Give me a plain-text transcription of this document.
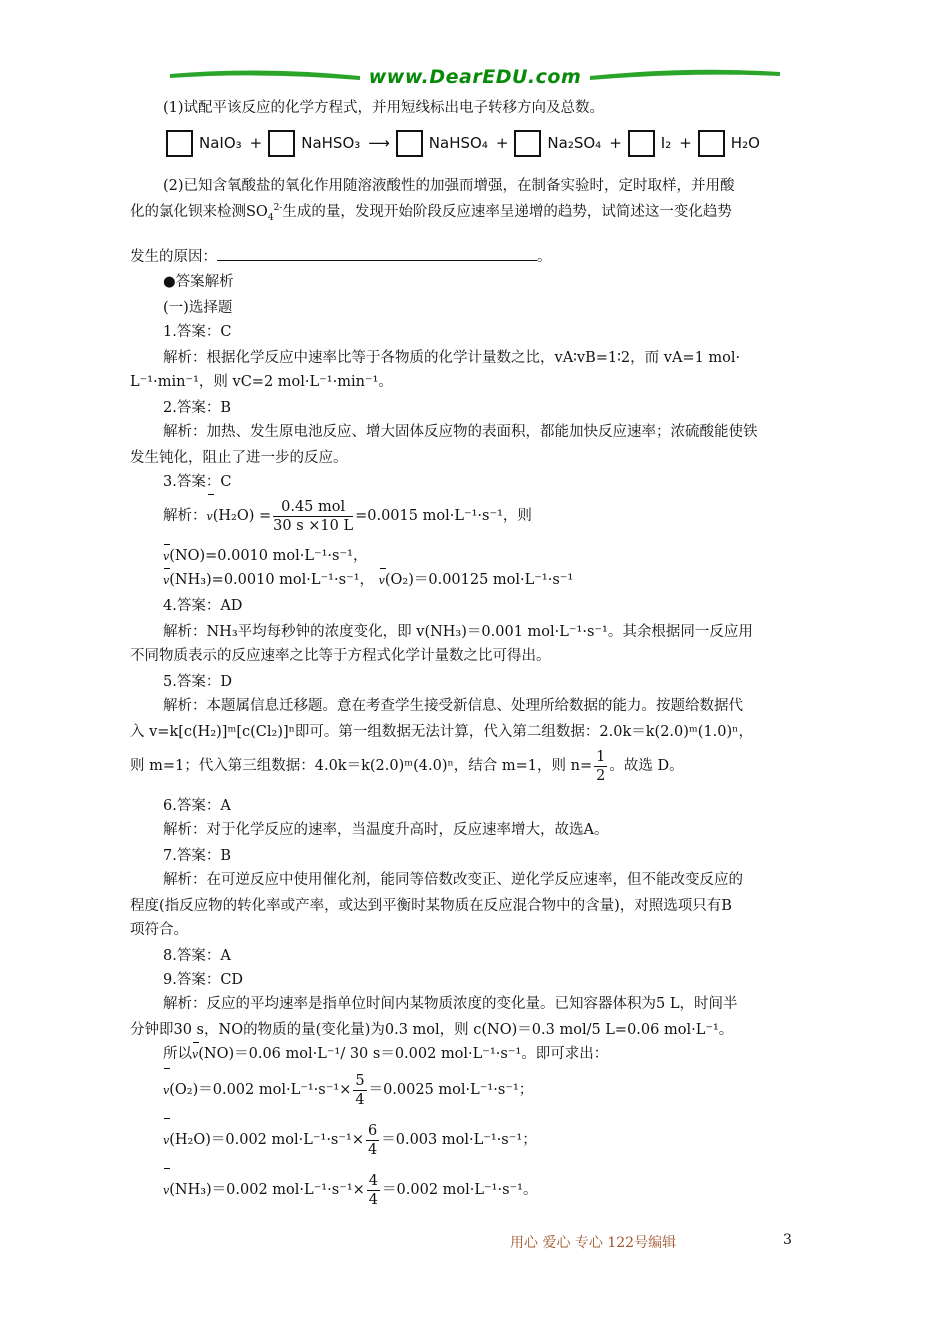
www.DearEDU.com
(1)试配平该反应的化学方程式，并用短线标出电子转移方向及总数。
NaIO₃ +	NaHSO₃ ⟶	NaHSO₄ +	Na₂SO₄ +	I₂ +	H₂O
(2)已知含氧酸盐的氧化作用随溶液酸性的加强而增强，在制备实验时，定时取样，并用酸
化的氯化钡来检测$SO_4^{2-}$生成的量，发现开始阶段反应速率呈递增的趋势，试简述这一变化趋势
发生的原因：	。
●答案解析
(一)选择题
1.答案：C
解析：根据化学反应中速率比等于各物质的化学计量数之比，vA∶vB=1∶2，而 vA=1 mol·
L⁻¹·min⁻¹，则 vC=2 mol·L⁻¹·min⁻¹。
2.答案：B
解析：加热、发生原电池反应、增大固体反应物的表面积，都能加快反应速率；浓硫酸能使铁
发生钝化，阻止了进一步的反应。
3.答案：C
解析：$v(H_2O) = \frac{\text{0.45 mol}}{30 s \times 10 L} =0.0015$ mol·L⁻¹·s⁻¹，则
v(NO)=0.0010 mol·L⁻¹·s⁻¹，
v(NH₃)=0.0010 mol·L⁻¹·s⁻¹， v(O₂)＝0.00125 mol·L⁻¹·s⁻¹
4.答案：AD
解析：NH₃平均每秒钟的浓度变化，即 v(NH₃)＝0.001 mol·L⁻¹·s⁻¹。其余根据同一反应用
不同物质表示的反应速率之比等于方程式化学计量数之比可得出。
5.答案：D
解析：本题属信息迁移题。意在考查学生接受新信息、处理所给数据的能力。按题给数据代
入 v=k[c(H₂)]ᵐ[c(Cl₂)]ⁿ即可。第一组数据无法计算，代入第二组数据：2.0k＝k(2.0)ᵐ(1.0)ⁿ，
则 m=1；代入第三组数据：4.0k＝k(2.0)ᵐ(4.0)ⁿ，结合 m=1，则 $n= \frac{1}{2}$ 。故选 D。
6.答案：A
解析：对于化学反应的速率，当温度升高时，反应速率增大，故选A。
7.答案：B
解析：在可逆反应中使用催化剂，能同等倍数改变正、逆化学反应速率，但不能改变反应的
程度(指反应物的转化率或产率，或达到平衡时某物质在反应混合物中的含量)，对照选项只有B
项符合。
8.答案：A
9.答案：CD
解析：反应的平均速率是指单位时间内某物质浓度的变化量。已知容器体积为5 L，时间半
分钟即30 s，NO的物质的量(变化量)为0.3 mol，则 c(NO)＝0.3 mol/5 L=0.06 mol·L⁻¹。
所以v(NO)＝0.06 mol·L⁻¹/ 30 s＝0.002 mol·L⁻¹·s⁻¹。即可求出：
v(O₂)＝0.002 $mol\cdot L^{-1}\cdot s^{-1}\times \frac{5}{4} =0.0025$ mol·L⁻¹·s⁻¹；
v(H₂O)＝0.002 $mol\cdot L^{-1}\cdot s^{-1}\times \frac{6}{4} =0.003$ mol·L⁻¹·s⁻¹；
v(NH₃)＝0.002 $mol\cdot L^{-1}\cdot s^{-1}\times \frac{4}{4} =0.002$ mol·L⁻¹·s⁻¹。
用心 爱心 专心 122号编辑	3
